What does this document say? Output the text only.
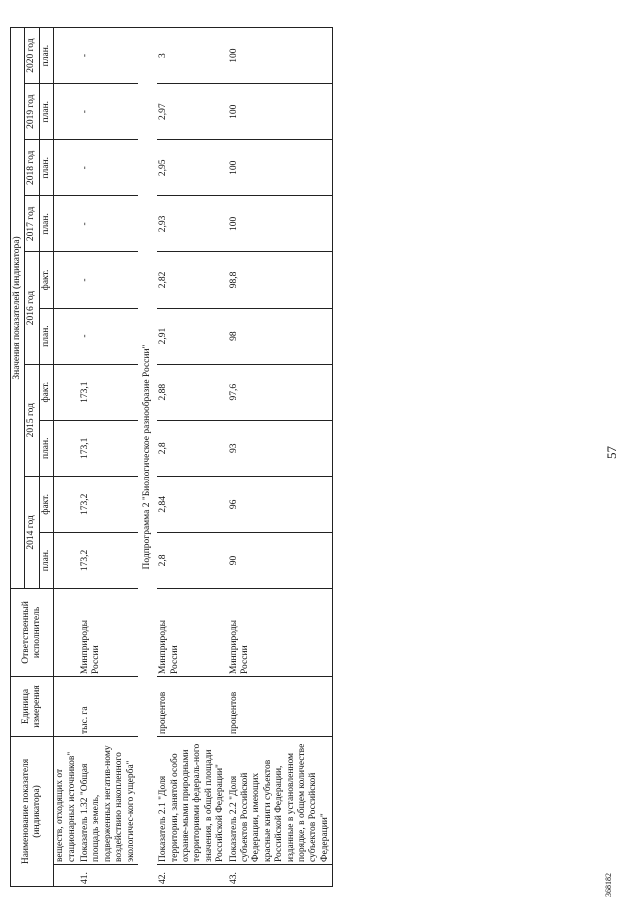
Наименование показателя (индикатора)		Единица измерения	Ответственный исполнитель	Значения показателей (индикатора)									
				2014 год		2015 год		2016 год		2017 год	2018 год	2019 год	2020 год

				план.	факт.	план.	факт.	план.	факт.	план.	план.	план.	план.
	веществ, отходящих от стационарных источников"												
41.	Показатель 1.32 "Общая площадь земель, подверженных негатив-ному воздействию накопленного экологичес-кого ущерба"	тыс. га	Минприроды России	173,2	173,2	173,1	173,1	-	-	-	-	-	-
Подпрограмма 2 "Биологическое разнообразие России"													
42.	Показатель 2.1 "Доля территории, занятой особо охраняе-мыми природными территориями федераль-ного значения, в общей площади Российской Федерации"	процентов	Минприроды России	2,8	2,84	2,8	2,88	2,91	2,82	2,93	2,95	2,97	3
43.	Показатель 2.2 "Доля субъектов Российской Федерации, имеющих красные книги субъектов Российской Федерации, изданные в установленном порядке, в общем количестве субъектов Российской Федерации"	процентов	Минприроды России	90	96	93	97,6	98	98,8	100	100	100	100
57
368182
